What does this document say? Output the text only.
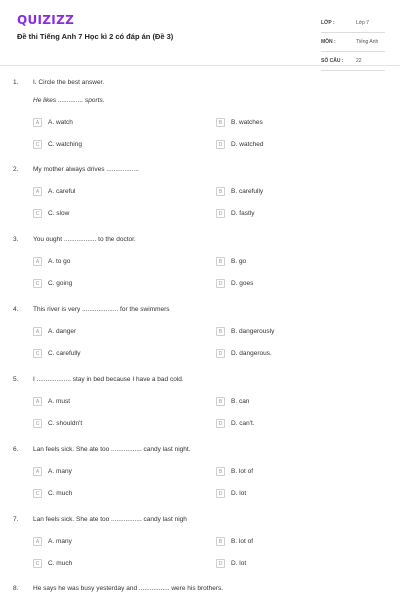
QUIZIZZ
Đề thi Tiếng Anh 7 Học kì 2 có đáp án (Đề 3)
LỚP :	Lớp 7
MÔN :	Tiếng Anh
SỐ CÂU :	22
1. I. Circle the best answer.
He likes .............. sports.
A	A. watch	B	B. watches
C	C. watching	D	D. watched
2. My mother always drives ..................
A	A. careful	B	B. carefully
C	C. slow	D	D. fastly
3. You ought .................. to the doctor.
A	A. to go	B	B. go
C	C. going	D	D. goes
4. This river is very .................... for the swimmers
A	A. danger	B	B. dangerously
C	C. carefully	D	D. dangerous.
5. I ................... stay in bed because I have a bad cold.
A	A. must	B	B. can
C	C. shouldn't	D	D. can't.
6. Lan feels sick. She ate too ................. candy last night.
A	A. many	B	B. lot of
C	C. much	D	D. lot
7. Lan feels sick. She ate too ................. candy last nigh
A	A. many	B	B. lot of
C	C. much	D	D. lot
8. He says he was busy yesterday and ................. were his brothers.
